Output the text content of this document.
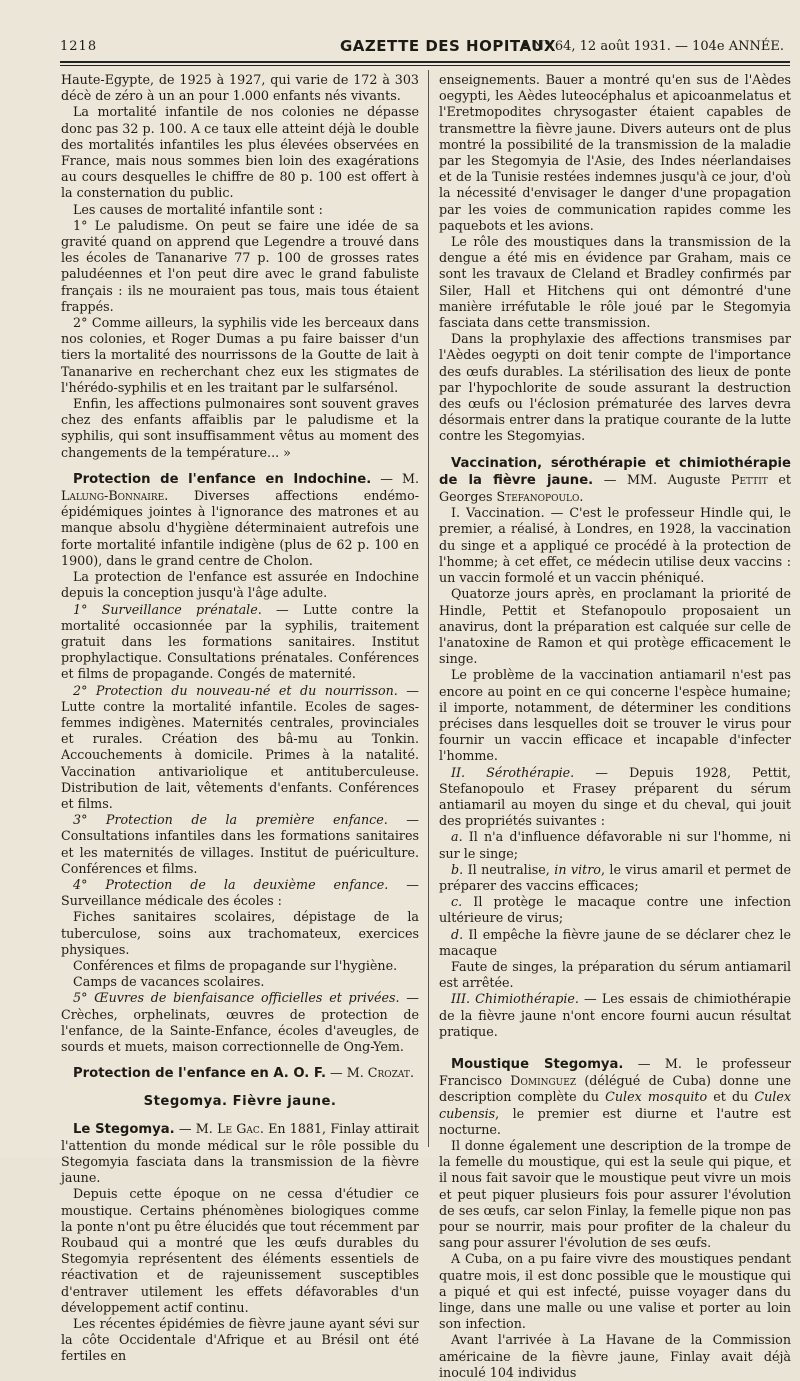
1218	GAZETTE DES HOPITAUX
• N° 64, 12 août 1931. — 104e ANNÉE.

Haute-Egypte, de 1925 à 1927, qui varie de 172 à 303 décè de zéro à un an pour 1.000 enfants nés vivants.

La mortalité infantile de nos colonies ne dépasse donc pas 32 p. 100. A ce taux elle atteint déjà le double des mortalités infantiles les plus élevées observées en France, mais nous sommes bien loin des exagérations au cours desquelles le chiffre de 80 p. 100 est offert à la consternation du public.

Les causes de mortalité infantile sont :

1° Le paludisme. On peut se faire une idée de sa gravité quand on apprend que Legendre a trouvé dans les écoles de Tananarive 77 p. 100 de grosses rates paludéennes et l'on peut dire avec le grand fabuliste français : ils ne mouraient pas tous, mais tous étaient frappés.

2° Comme ailleurs, la syphilis vide les berceaux dans nos colonies, et Roger Dumas a pu faire baisser d'un tiers la mortalité des nourrissons de la Goutte de lait à Tananarive en recherchant chez eux les stigmates de l'hérédo-syphilis et en les traitant par le sulfarsénol.

Enfin, les affections pulmonaires sont souvent graves chez des enfants affaiblis par le paludisme et la syphilis, qui sont insuffisamment vêtus au moment des changements de la température... »

Protection de l'enfance en Indochine. — M. Lalung-Bonnaire. Diverses affections endémo-épidémiques jointes à l'ignorance des matrones et au manque absolu d'hygiène déterminaient autrefois une forte mortalité infantile indigène (plus de 62 p. 100 en 1900), dans le grand centre de Cholon.

La protection de l'enfance est assurée en Indochine depuis la conception jusqu'à l'âge adulte.

1° Surveillance prénatale. — Lutte contre la mortalité occasionnée par la syphilis, traitement gratuit dans les formations sanitaires. Institut prophylactique. Consultations prénatales. Conférences et films de propagande. Congés de maternité.

2° Protection du nouveau-né et du nourrisson. — Lutte contre la mortalité infantile. Ecoles de sages-femmes indigènes. Maternités centrales, provinciales et rurales. Création des bâ-mu au Tonkin. Accouchements à domicile. Primes à la natalité. Vaccination antivariolique et antituberculeuse. Distribution de lait, vêtements d'enfants. Conférences et films.

3° Protection de la première enfance. — Consultations infantiles dans les formations sanitaires et les maternités de villages. Institut de puériculture. Conférences et films.

4° Protection de la deuxième enfance. — Surveillance médicale des écoles :

Fiches sanitaires scolaires, dépistage de la tuberculose, soins aux trachomateux, exercices physiques.

Conférences et films de propagande sur l'hygiène.

Camps de vacances scolaires.

5° Œuvres de bienfaisance officielles et privées. — Crèches, orphelinats, œuvres de protection de l'enfance, de la Sainte-Enfance, écoles d'aveugles, de sourds et muets, maison correctionnelle de Ong-Yem.

Protection de l'enfance en A. O. F. — M. Crozat.

Stegomya. Fièvre jaune.

Le Stegomya. — M. Le Gac. En 1881, Finlay attirait l'attention du monde médical sur le rôle possible du Stegomyia fasciata dans la transmission de la fièvre jaune.

Depuis cette époque on ne cessa d'étudier ce moustique. Certains phénomènes biologiques comme la ponte n'ont pu être élucidés que tout récemment par Roubaud qui a montré que les œufs durables du Stegomyia représentent des éléments essentiels de réactivation et de rajeunissement susceptibles d'entraver utilement les effets défavorables d'un développement actif continu.

Les récentes épidémies de fièvre jaune ayant sévi sur la côte Occidentale d'Afrique et au Brésil ont été fertiles en

enseignements. Bauer a montré qu'en sus de l'Aèdes oegypti, les Aèdes luteocéphalus et apicoanmelatus et l'Eretmopodites chrysogaster étaient capables de transmettre la fièvre jaune. Divers auteurs ont de plus montré la possibilité de la transmission de la maladie par les Stegomyia de l'Asie, des Indes néerlandaises et de la Tunisie restées indemnes jusqu'à ce jour, d'où la nécessité d'envisager le danger d'une propagation par les voies de communication rapides comme les paquebots et les avions.

Le rôle des moustiques dans la transmission de la dengue a été mis en évidence par Graham, mais ce sont les travaux de Cleland et Bradley confirmés par Siler, Hall et Hitchens qui ont démontré d'une manière irréfutable le rôle joué par le Stegomyia fasciata dans cette transmission.

Dans la prophylaxie des affections transmises par l'Aèdes oegypti on doit tenir compte de l'importance des œufs durables. La stérilisation des lieux de ponte par l'hypochlorite de soude assurant la destruction des œufs ou l'éclosion prématurée des larves devra désormais entrer dans la pratique courante de la lutte contre les Stegomyias.

Vaccination, sérothérapie et chimiothérapie de la fièvre jaune. — MM. Auguste Pettit et Georges Stefanopoulo.

I. Vaccination. — C'est le professeur Hindle qui, le premier, a réalisé, à Londres, en 1928, la vaccination du singe et a appliqué ce procédé à la protection de l'homme; à cet effet, ce médecin utilise deux vaccins : un vaccin formolé et un vaccin phéniqué.

Quatorze jours après, en proclamant la priorité de Hindle, Pettit et Stefanopoulo proposaient un anavirus, dont la préparation est calquée sur celle de l'anatoxine de Ramon et qui protège efficacement le singe.

Le problème de la vaccination antiamaril n'est pas encore au point en ce qui concerne l'espèce humaine; il importe, notamment, de déterminer les conditions précises dans lesquelles doit se trouver le virus pour fournir un vaccin efficace et incapable d'infecter l'homme.

II. Sérothérapie. — Depuis 1928, Pettit, Stefanopoulo et Frasey préparent du sérum antiamaril au moyen du singe et du cheval, qui jouit des propriétés suivantes :

a. Il n'a d'influence défavorable ni sur l'homme, ni sur le singe;

b. Il neutralise, in vitro, le virus amaril et permet de préparer des vaccins efficaces;

c. Il protège le macaque contre une infection ultérieure de virus;

d. Il empêche la fièvre jaune de se déclarer chez le macaque

Faute de singes, la préparation du sérum antiamaril est arrêtée.

III. Chimiothérapie. — Les essais de chimiothérapie de la fièvre jaune n'ont encore fourni aucun résultat pratique.

Moustique Stegomya. — M. le professeur Francisco Dominguez (délégué de Cuba) donne une description complète du Culex mosquito et du Culex cubensis, le premier est diurne et l'autre est nocturne.

Il donne également une description de la trompe de la femelle du moustique, qui est la seule qui pique, et il nous fait savoir que le moustique peut vivre un mois et peut piquer plusieurs fois pour assurer l'évolution de ses œufs, car selon Finlay, la femelle pique non pas pour se nourrir, mais pour profiter de la chaleur du sang pour assurer l'évolution de ses œufs.

A Cuba, on a pu faire vivre des moustiques pendant quatre mois, il est donc possible que le moustique qui a piqué et qui est infecté, puisse voyager dans du linge, dans une malle ou une valise et porter au loin son infection.

Avant l'arrivée à La Havane de la Commission américaine de la fièvre jaune, Finlay avait déjà inoculé 104 individus
